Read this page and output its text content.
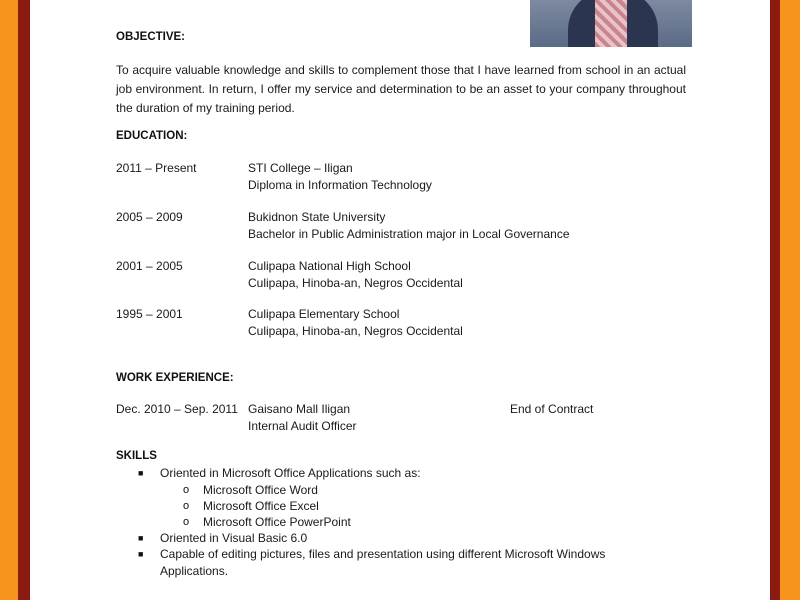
OBJECTIVE:
To acquire valuable knowledge and skills to complement those that I have learned from school in an actual job environment. In return, I offer my service and determination to be an asset to your company throughout the duration of my training period.
EDUCATION:
2011 – Present	STI College – Iligan
Diploma in Information Technology
2005 – 2009	Bukidnon State University
Bachelor in Public Administration major in Local Governance
2001 – 2005	Culipapa National High School
Culipapa, Hinoba-an, Negros Occidental
1995 – 2001	Culipapa Elementary School
Culipapa, Hinoba-an, Negros Occidental
WORK EXPERIENCE:
Dec. 2010 – Sep. 2011 Gaisano Mall Iligan	End of Contract
Internal Audit Officer
SKILLS
■ Oriented in Microsoft Office Applications such as:
o Microsoft Office Word
o Microsoft Office Excel
o Microsoft Office PowerPoint
■ Oriented in Visual Basic 6.0
■ Capable of editing pictures, files and presentation using different Microsoft Windows
Applications.
